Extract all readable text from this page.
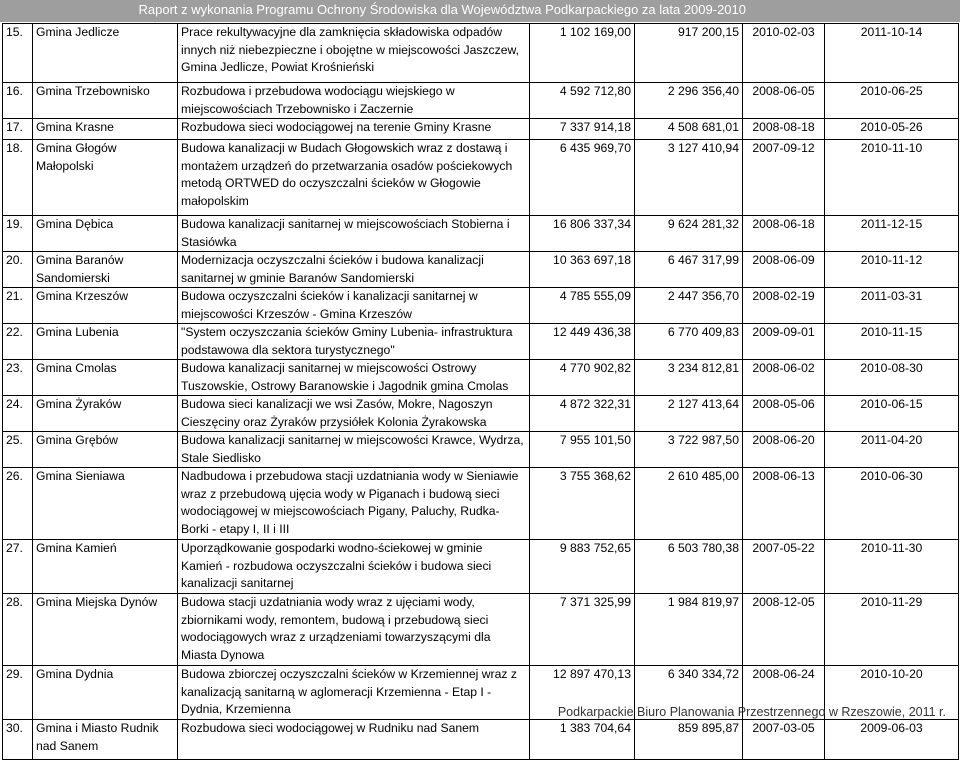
Raport z wykonania Programu Ochrony Środowiska dla Województwa Podkarpackiego za lata 2009-2010
15.	Gmina Jedlicze	Prace rekultywacyjne dla zamknięcia składowiska odpadów innych niż niebezpieczne i obojętne w miejscowości Jaszczew, Gmina Jedlicze, Powiat Krośnieński	1 102 169,00	917 200,15	2010-02-03	2011-10-14
16.	Gmina Trzebownisko	Rozbudowa i przebudowa wodociągu wiejskiego w miejscowościach Trzebownisko i Zaczernie	4 592 712,80	2 296 356,40	2008-06-05	2010-06-25
17.	Gmina Krasne	Rozbudowa sieci wodociągowej na terenie Gminy Krasne	7 337 914,18	4 508 681,01	2008-08-18	2010-05-26
18.	Gmina Głogów Małopolski	Budowa kanalizacji w Budach Głogowskich wraz z dostawą i montażem urządzeń do przetwarzania osadów pościekowych metodą ORTWED do oczyszczalni ścieków w Głogowie małopolskim	6 435 969,70	3 127 410,94	2007-09-12	2010-11-10
19.	Gmina Dębica	Budowa kanalizacji sanitarnej w miejscowościach Stobierna i Stasiówka	16 806 337,34	9 624 281,32	2008-06-18	2011-12-15
20.	Gmina Baranów Sandomierski	Modernizacja oczyszczalni ścieków i budowa kanalizacji sanitarnej w gminie Baranów Sandomierski	10 363 697,18	6 467 317,99	2008-06-09	2010-11-12
21.	Gmina Krzeszów	Budowa oczyszczalni ścieków i kanalizacji sanitarnej w miejscowości Krzeszów - Gmina Krzeszów	4 785 555,09	2 447 356,70	2008-02-19	2011-03-31
22.	Gmina Lubenia	"System oczyszczania ścieków Gminy Lubenia- infrastruktura podstawowa dla sektora turystycznego"	12 449 436,38	6 770 409,83	2009-09-01	2010-11-15
23.	Gmina Cmolas	Budowa kanalizacji sanitarnej w miejscowości Ostrowy Tuszowskie, Ostrowy Baranowskie i Jagodnik gmina Cmolas	4 770 902,82	3 234 812,81	2008-06-02	2010-08-30
24.	Gmina Żyraków	Budowa sieci kanalizacji we wsi Zasów, Mokre, Nagoszyn Cieszęciny oraz Żyraków przysiółek Kolonia Żyrakowska	4 872 322,31	2 127 413,64	2008-05-06	2010-06-15
25.	Gmina Grębów	Budowa kanalizacji sanitarnej w miejscowości Krawce, Wydrza, Stale Siedlisko	7 955 101,50	3 722 987,50	2008-06-20	2011-04-20
26.	Gmina Sieniawa	Nadbudowa i przebudowa stacji uzdatniania wody w Sieniawie wraz z przebudową ujęcia wody w Piganach i budową sieci wodociągowej w miejscowościach Pigany, Paluchy, Rudka-Borki - etapy I, II i III	3 755 368,62	2 610 485,00	2008-06-13	2010-06-30
27.	Gmina Kamień	Uporządkowanie gospodarki wodno-ściekowej w gminie Kamień - rozbudowa oczyszczalni ścieków i budowa sieci kanalizacji sanitarnej	9 883 752,65	6 503 780,38	2007-05-22	2010-11-30
28.	Gmina Miejska Dynów	Budowa stacji uzdatniania wody wraz z ujęciami wody, zbiornikami wody, remontem, budową i przebudową sieci wodociągowych wraz z urządzeniami towarzyszącymi dla Miasta Dynowa	7 371 325,99	1 984 819,97	2008-12-05	2010-11-29
29.	Gmina Dydnia	Budowa zbiorczej oczyszczalni ścieków w Krzemiennej wraz z kanalizacją sanitarną w aglomeracji Krzemienna - Etap I - Dydnia, Krzemienna	12 897 470,13	6 340 334,72	2008-06-24	2010-10-20
30.	Gmina i Miasto Rudnik nad Sanem	Rozbudowa sieci wodociągowej w Rudniku nad Sanem	1 383 704,64	859 895,87	2007-03-05	2009-06-03
Podkarpackie Biuro Planowania Przestrzennego w Rzeszowie, 2011 r.
